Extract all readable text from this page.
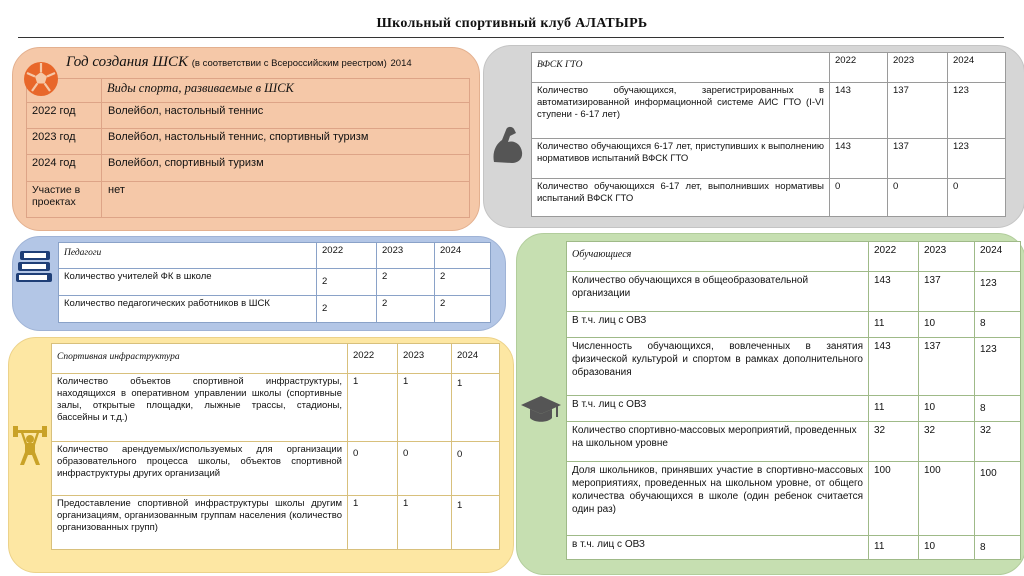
Школьный спортивный клуб АЛАТЫРЬ
Год создания ШСК (в соответствии с Всероссийским реестром) 2014
	Виды спорта, развиваемые в ШСК
2022 год	Волейбол, настольный теннис
2023 год	Волейбол, настольный теннис, спортивный туризм
2024 год	Волейбол, спортивный туризм
Участие в проектах	нет
ВФСК ГТО	2022	2023	2024
Количество обучающихся, зарегистрированных в автоматизированной информационной системе АИС ГТО (I-VI ступени - 6-17 лет)	143	137	123
Количество обучающихся 6-17 лет, приступивших к выполнению нормативов испытаний ВФСК ГТО	143	137	123
Количество обучающихся 6-17 лет, выполнивших нормативы испытаний ВФСК ГТО	0	0	0
Педагоги	2022	2023	2024
Количество учителей ФК в школе	2	2	2
Количество педагогических работников в ШСК	2	2	2
Спортивная инфраструктура	2022	2023	2024
Количество объектов спортивной инфраструктуры, находящихся в оперативном управлении школы (спортивные залы, открытые площадки, лыжные трассы, стадионы, бассейны и т.д.)	1	1	1
Количество арендуемых/используемых для организации образовательного процесса школы, объектов спортивной инфраструктуры других организаций	0	0	0
Предоставление спортивной инфраструктуры школы другим организациям, организованным группам населения (количество организованных групп)	1	1	1
Обучающиеся	2022	2023	2024
Количество обучающихся в общеобразовательной организации	143	137	123
В т.ч. лиц с ОВЗ	11	10	8
Численность обучающихся, вовлеченных в занятия физической культурой и спортом в рамках дополнительного образования	143	137	123
В т.ч. лиц с ОВЗ	11	10	8
Количество спортивно-массовых мероприятий, проведенных на школьном уровне	32	32	32
Доля школьников, принявших участие в спортивно-массовых мероприятиях, проведенных на школьном уровне, от общего количества обучающихся в школе (один ребенок считается один раз)	100	100	100
в т.ч. лиц с ОВЗ	11	10	8
